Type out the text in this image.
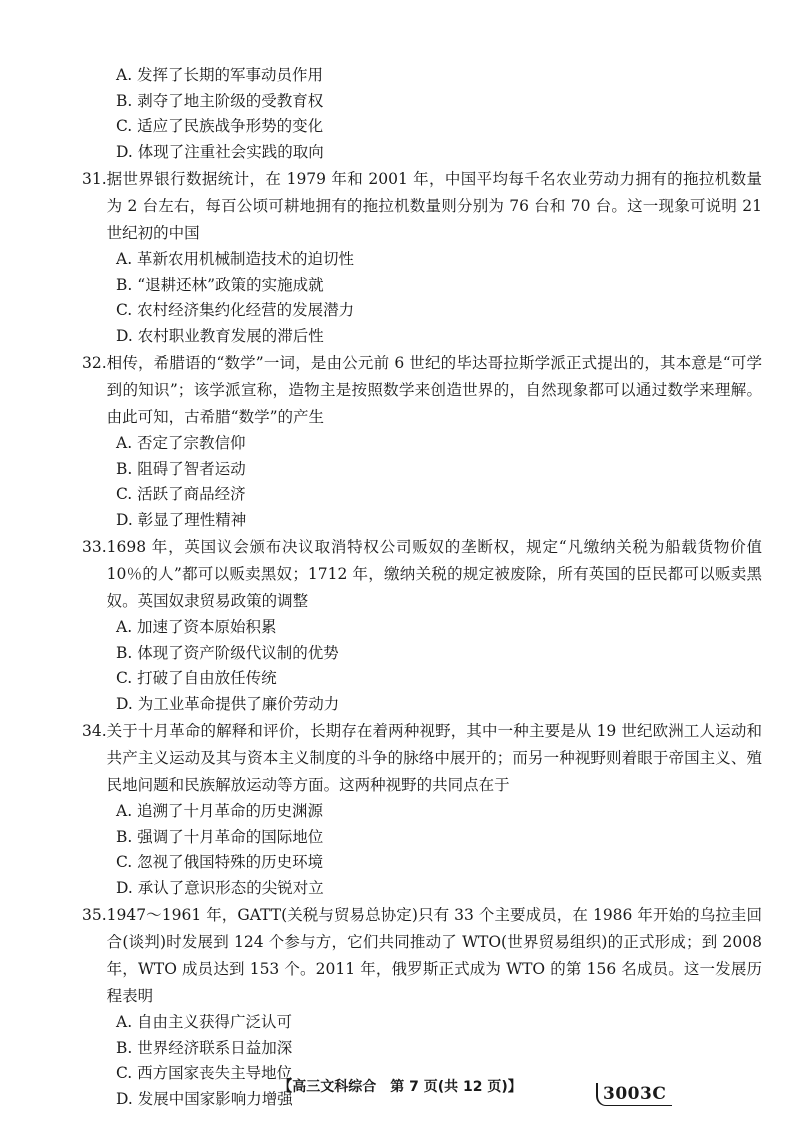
A. 发挥了长期的军事动员作用
B. 剥夺了地主阶级的受教育权
C. 适应了民族战争形势的变化
D. 体现了注重社会实践的取向
31. 据世界银行数据统计，在 1979 年和 2001 年，中国平均每千名农业劳动力拥有的拖拉机数量为 2 台左右，每百公顷可耕地拥有的拖拉机数量则分别为 76 台和 70 台。这一现象可说明 21 世纪初的中国
A. 革新农用机械制造技术的迫切性
B. “退耕还林”政策的实施成就
C. 农村经济集约化经营的发展潜力
D. 农村职业教育发展的滞后性
32. 相传，希腊语的“数学”一词，是由公元前 6 世纪的毕达哥拉斯学派正式提出的，其本意是“可学到的知识”；该学派宣称，造物主是按照数学来创造世界的，自然现象都可以通过数学来理解。由此可知，古希腊“数学”的产生
A. 否定了宗教信仰
B. 阻碍了智者运动
C. 活跃了商品经济
D. 彰显了理性精神
33. 1698 年，英国议会颁布决议取消特权公司贩奴的垄断权，规定“凡缴纳关税为船载货物价值 10％的人”都可以贩卖黑奴；1712 年，缴纳关税的规定被废除，所有英国的臣民都可以贩卖黑奴。英国奴隶贸易政策的调整
A. 加速了资本原始积累
B. 体现了资产阶级代议制的优势
C. 打破了自由放任传统
D. 为工业革命提供了廉价劳动力
34. 关于十月革命的解释和评价，长期存在着两种视野，其中一种主要是从 19 世纪欧洲工人运动和共产主义运动及其与资本主义制度的斗争的脉络中展开的；而另一种视野则着眼于帝国主义、殖民地问题和民族解放运动等方面。这两种视野的共同点在于
A. 追溯了十月革命的历史渊源
B. 强调了十月革命的国际地位
C. 忽视了俄国特殊的历史环境
D. 承认了意识形态的尖锐对立
35. 1947～1961 年，GATT(关税与贸易总协定)只有 33 个主要成员，在 1986 年开始的乌拉圭回合(谈判)时发展到 124 个参与方，它们共同推动了 WTO(世界贸易组织)的正式形成；到 2008 年，WTO 成员达到 153 个。2011 年，俄罗斯正式成为 WTO 的第 156 名成员。这一发展历程表明
A. 自由主义获得广泛认可
B. 世界经济联系日益加深
C. 西方国家丧失主导地位
D. 发展中国家影响力增强
【高三文科综合　第 7 页(共 12 页)】	3003C
